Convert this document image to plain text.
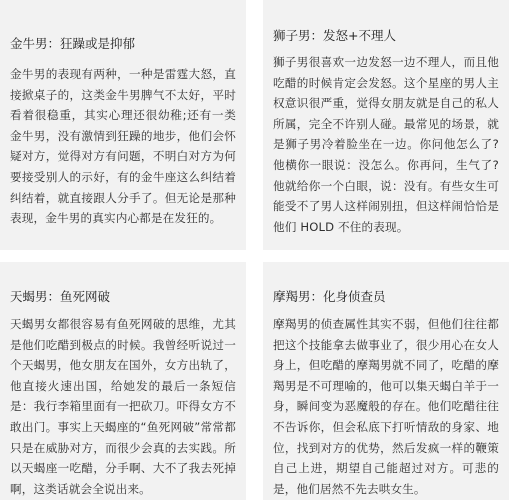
金牛男：狂躁或是抑郁
金牛男的表现有两种，一种是雷霆大怒，直接掀桌子的，这类金牛男脾气不太好，平时看着很稳重，其实心理还很幼稚;还有一类金牛男，没有激情到狂躁的地步，他们会怀疑对方，觉得对方有问题，不明白对方为何要接受别人的示好，有的金牛座这么纠结着纠结着，就直接跟人分手了。但无论是那种表现，金牛男的真实内心都是在发狂的。
狮子男：发怒+不理人
狮子男很喜欢一边发怒一边不理人，而且他吃醋的时候肯定会发怒。这个星座的男人主权意识很严重，觉得女朋友就是自己的私人所属，完全不许别人碰。最常见的场景，就是狮子男冷着脸坐在一边。你问他怎么了?他横你一眼说：没怎么。你再问，生气了?他就给你一个白眼，说：没有。有些女生可能受不了男人这样闹别扭，但这样闹恰恰是他们 HOLD 不住的表现。
天蝎男：鱼死网破
天蝎男女都很容易有鱼死网破的思维，尤其是他们吃醋到极点的时候。我曾经听说过一个天蝎男，他女朋友在国外，女方出轨了，他直接火速出国，给她发的最后一条短信是：我行李箱里面有一把砍刀。吓得女方不敢出门。事实上天蝎座的“鱼死网破”常常都只是在威胁对方，而很少会真的去实践。所以天蝎座一吃醋，分手啊、大不了我去死掉啊，这类话就会全说出来。
摩羯男：化身侦查员
摩羯男的侦查属性其实不弱，但他们往往都把这个技能拿去做事业了，很少用心在女人身上，但吃醋的摩羯男就不同了，吃醋的摩羯男是不可理喻的，他可以集天蝎白羊于一身，瞬间变为恶魔般的存在。他们吃醋往往不告诉你，但会私底下打听情敌的身家、地位，找到对方的优势，然后发疯一样的鞭策自己上进，期望自己能超过对方。可悲的是，他们居然不先去哄女生。
